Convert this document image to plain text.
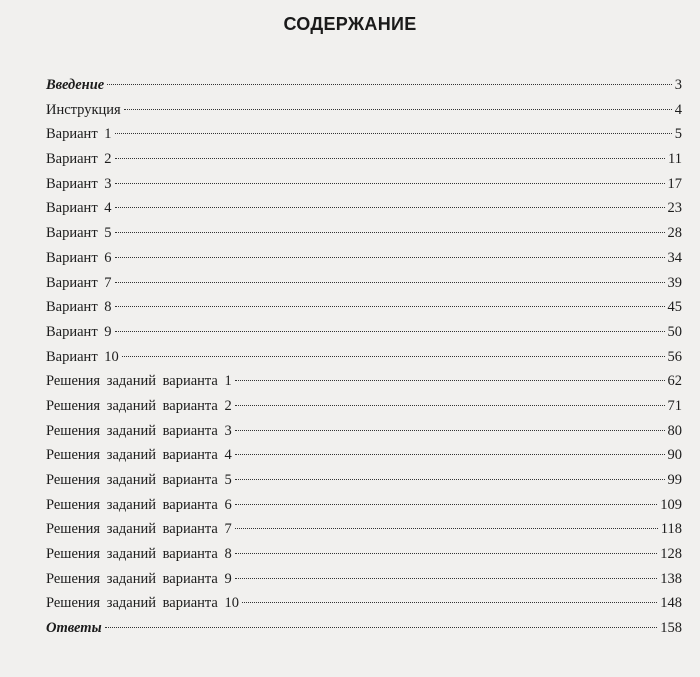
СОДЕРЖАНИЕ
Введение	3
Инструкция	4
Вариант 1	5
Вариант 2	11
Вариант 3	17
Вариант 4	23
Вариант 5	28
Вариант 6	34
Вариант 7	39
Вариант 8	45
Вариант 9	50
Вариант 10	56
Решения заданий варианта 1	62
Решения заданий варианта 2	71
Решения заданий варианта 3	80
Решения заданий варианта 4	90
Решения заданий варианта 5	99
Решения заданий варианта 6	109
Решения заданий варианта 7	118
Решения заданий варианта 8	128
Решения заданий варианта 9	138
Решения заданий варианта 10	148
Ответы	158
